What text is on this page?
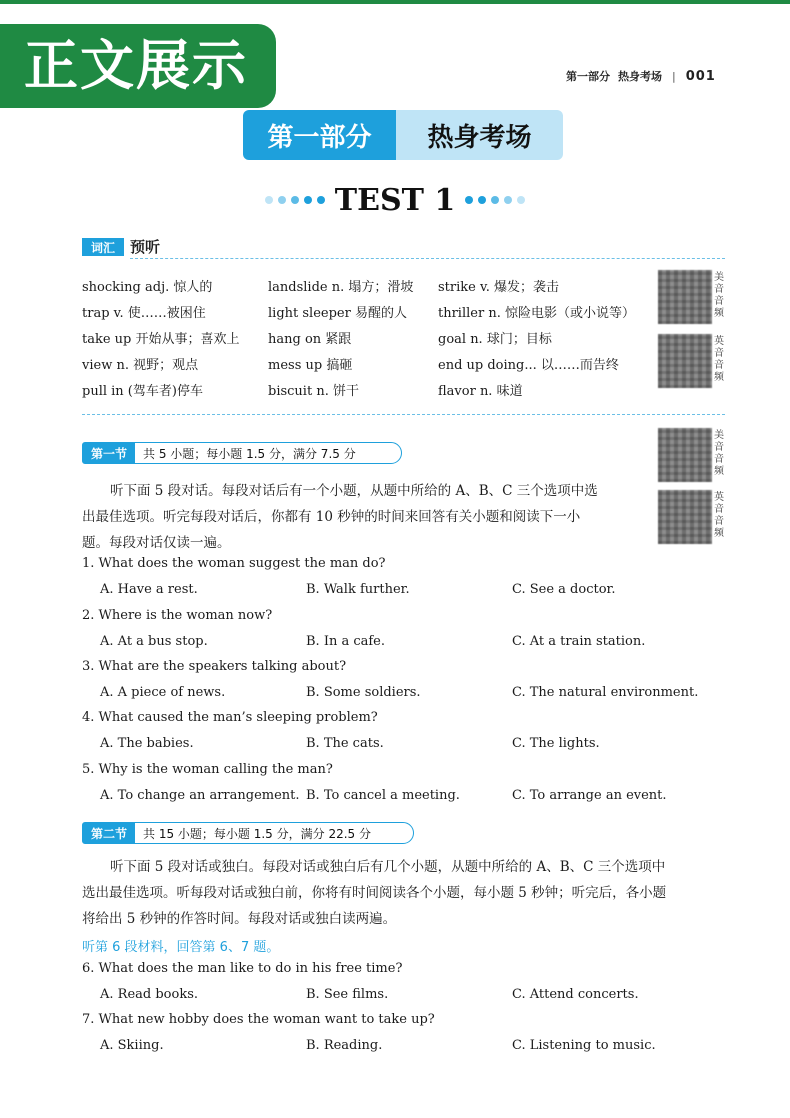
正文展示	第一部分 热身考场 | 001
第一部分	热身考场
TEST 1
词汇	预听
shocking adj. 惊人的	landslide n. 塌方；滑坡 strike v. 爆发；袭击
trap v. 使……被困住	light sleeper 易醒的人 thriller n. 惊险电影（或小说等）
take up 开始从事；喜欢上 hang on 紧跟	goal n. 球门；目标
view n. 视野；观点	mess up 搞砸	end up doing... 以……而告终
pull in (驾车者)停车	biscuit n. 饼干	flavor n. 味道
美音音频
英音音频
第一节	共 5 小题；每小题 1.5 分，满分 7.5 分
美音音频
英音音频
听下面 5 段对话。每段对话后有一个小题，从题中所给的 A、B、C 三个选项中选
出最佳选项。听完每段对话后，你都有 10 秒钟的时间来回答有关小题和阅读下一小
题。每段对话仅读一遍。
1. What does the woman suggest the man do?
A. Have a rest.	B. Walk further.	C. See a doctor.
2. Where is the woman now?
A. At a bus stop.	B. In a cafe.	C. At a train station.
3. What are the speakers talking about?
A. A piece of news.	B. Some soldiers.	C. The natural environment.
4. What caused the man’s sleeping problem?
A. The babies.	B. The cats.	C. The lights.
5. Why is the woman calling the man?
A. To change an arrangement. B. To cancel a meeting.	C. To arrange an event.
第二节	共 15 小题；每小题 1.5 分，满分 22.5 分
听下面 5 段对话或独白。每段对话或独白后有几个小题，从题中所给的 A、B、C 三个选项中
选出最佳选项。听每段对话或独白前，你将有时间阅读各个小题，每小题 5 秒钟；听完后，各小题
将给出 5 秒钟的作答时间。每段对话或独白读两遍。
听第 6 段材料，回答第 6、7 题。
6. What does the man like to do in his free time?
A. Read books.	B. See films.	C. Attend concerts.
7. What new hobby does the woman want to take up?
A. Skiing.	B. Reading.	C. Listening to music.
